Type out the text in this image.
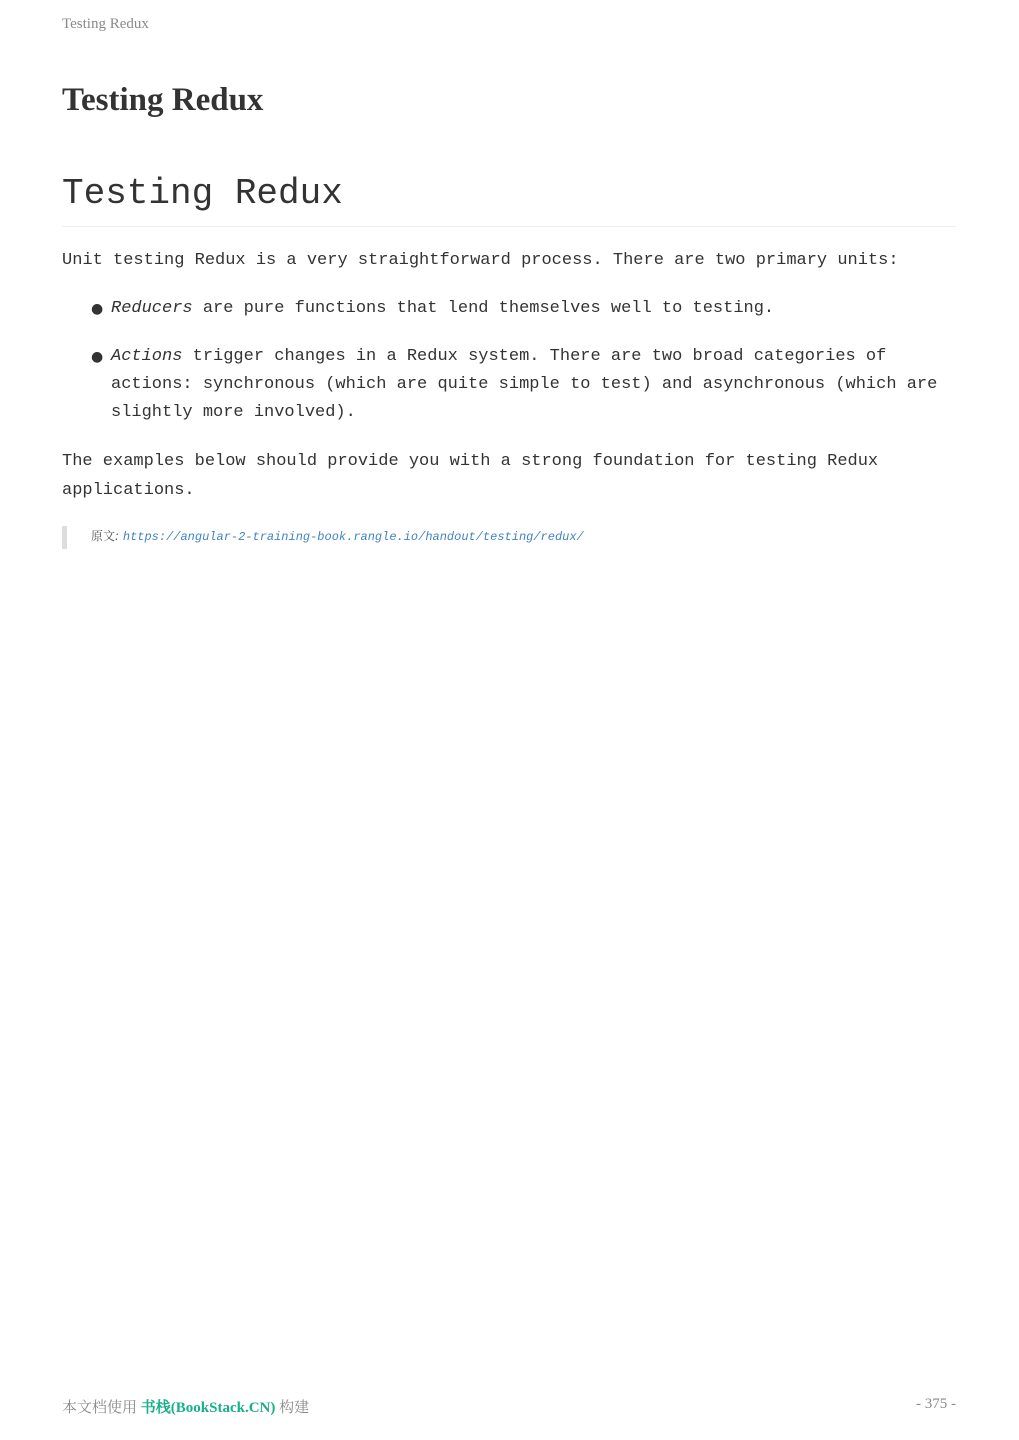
Testing Redux
Testing Redux
Testing Redux

Unit testing Redux is a very straightforward process. There are two primary units:

● Reducers are pure functions that lend themselves well to testing.
● Actions trigger changes in a Redux system. There are two broad categories of actions: synchronous (which are quite simple to test) and asynchronous (which are slightly more involved).

The examples below should provide you with a strong foundation for testing Redux applications.

原文: https://angular-2-training-book.rangle.io/handout/testing/redux/
本文档使用 书栈(BookStack.CN) 构建	- 375 -
